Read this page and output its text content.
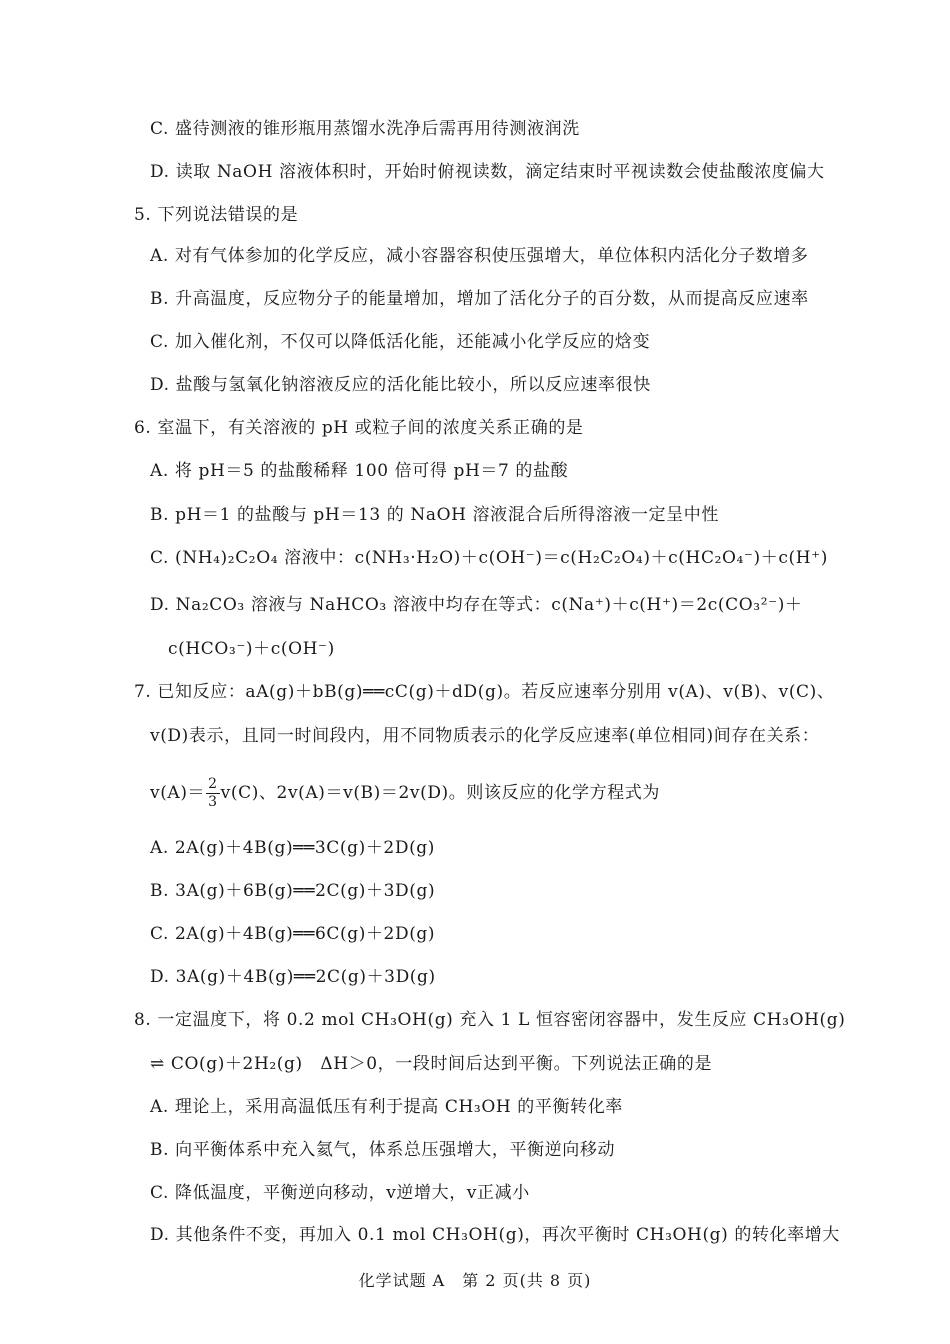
C. 盛待测液的锥形瓶用蒸馏水洗净后需再用待测液润洗
D. 读取 NaOH 溶液体积时，开始时俯视读数，滴定结束时平视读数会使盐酸浓度偏大
5. 下列说法错误的是
A. 对有气体参加的化学反应，减小容器容积使压强增大，单位体积内活化分子数增多
B. 升高温度，反应物分子的能量增加，增加了活化分子的百分数，从而提高反应速率
C. 加入催化剂，不仅可以降低活化能，还能减小化学反应的焓变
D. 盐酸与氢氧化钠溶液反应的活化能比较小，所以反应速率很快
6. 室温下，有关溶液的 pH 或粒子间的浓度关系正确的是
A. 将 pH＝5 的盐酸稀释 100 倍可得 pH＝7 的盐酸
B. pH＝1 的盐酸与 pH＝13 的 NaOH 溶液混合后所得溶液一定呈中性
C. (NH₄)₂C₂O₄ 溶液中：c(NH₃·H₂O)＋c(OH⁻)＝c(H₂C₂O₄)＋c(HC₂O₄⁻)＋c(H⁺)
D. Na₂CO₃ 溶液与 NaHCO₃ 溶液中均存在等式：c(Na⁺)＋c(H⁺)＝2c(CO₃²⁻)＋
c(HCO₃⁻)＋c(OH⁻)
7. 已知反应：aA(g)＋bB(g)══cC(g)＋dD(g)。若反应速率分别用 v(A)、v(B)、v(C)、
v(D)表示，且同一时间段内，用不同物质表示的化学反应速率(单位相同)间存在关系：
$v(A)= \frac{2}{3} v(C)$、2v(A)＝v(B)＝2v(D)。则该反应的化学方程式为
A. 2A(g)＋4B(g)══3C(g)＋2D(g)
B. 3A(g)＋6B(g)══2C(g)＋3D(g)
C. 2A(g)＋4B(g)══6C(g)＋2D(g)
D. 3A(g)＋4B(g)══2C(g)＋3D(g)
8. 一定温度下，将 0.2 mol CH₃OH(g) 充入 1 L 恒容密闭容器中，发生反应 CH₃OH(g)
⇌ CO(g)＋2H₂(g)　ΔH＞0，一段时间后达到平衡。下列说法正确的是
A. 理论上，采用高温低压有利于提高 CH₃OH 的平衡转化率
B. 向平衡体系中充入氦气，体系总压强增大，平衡逆向移动
C. 降低温度，平衡逆向移动，v逆增大，v正减小
D. 其他条件不变，再加入 0.1 mol CH₃OH(g)，再次平衡时 CH₃OH(g) 的转化率增大
化学试题 A　第 2 页(共 8 页)
